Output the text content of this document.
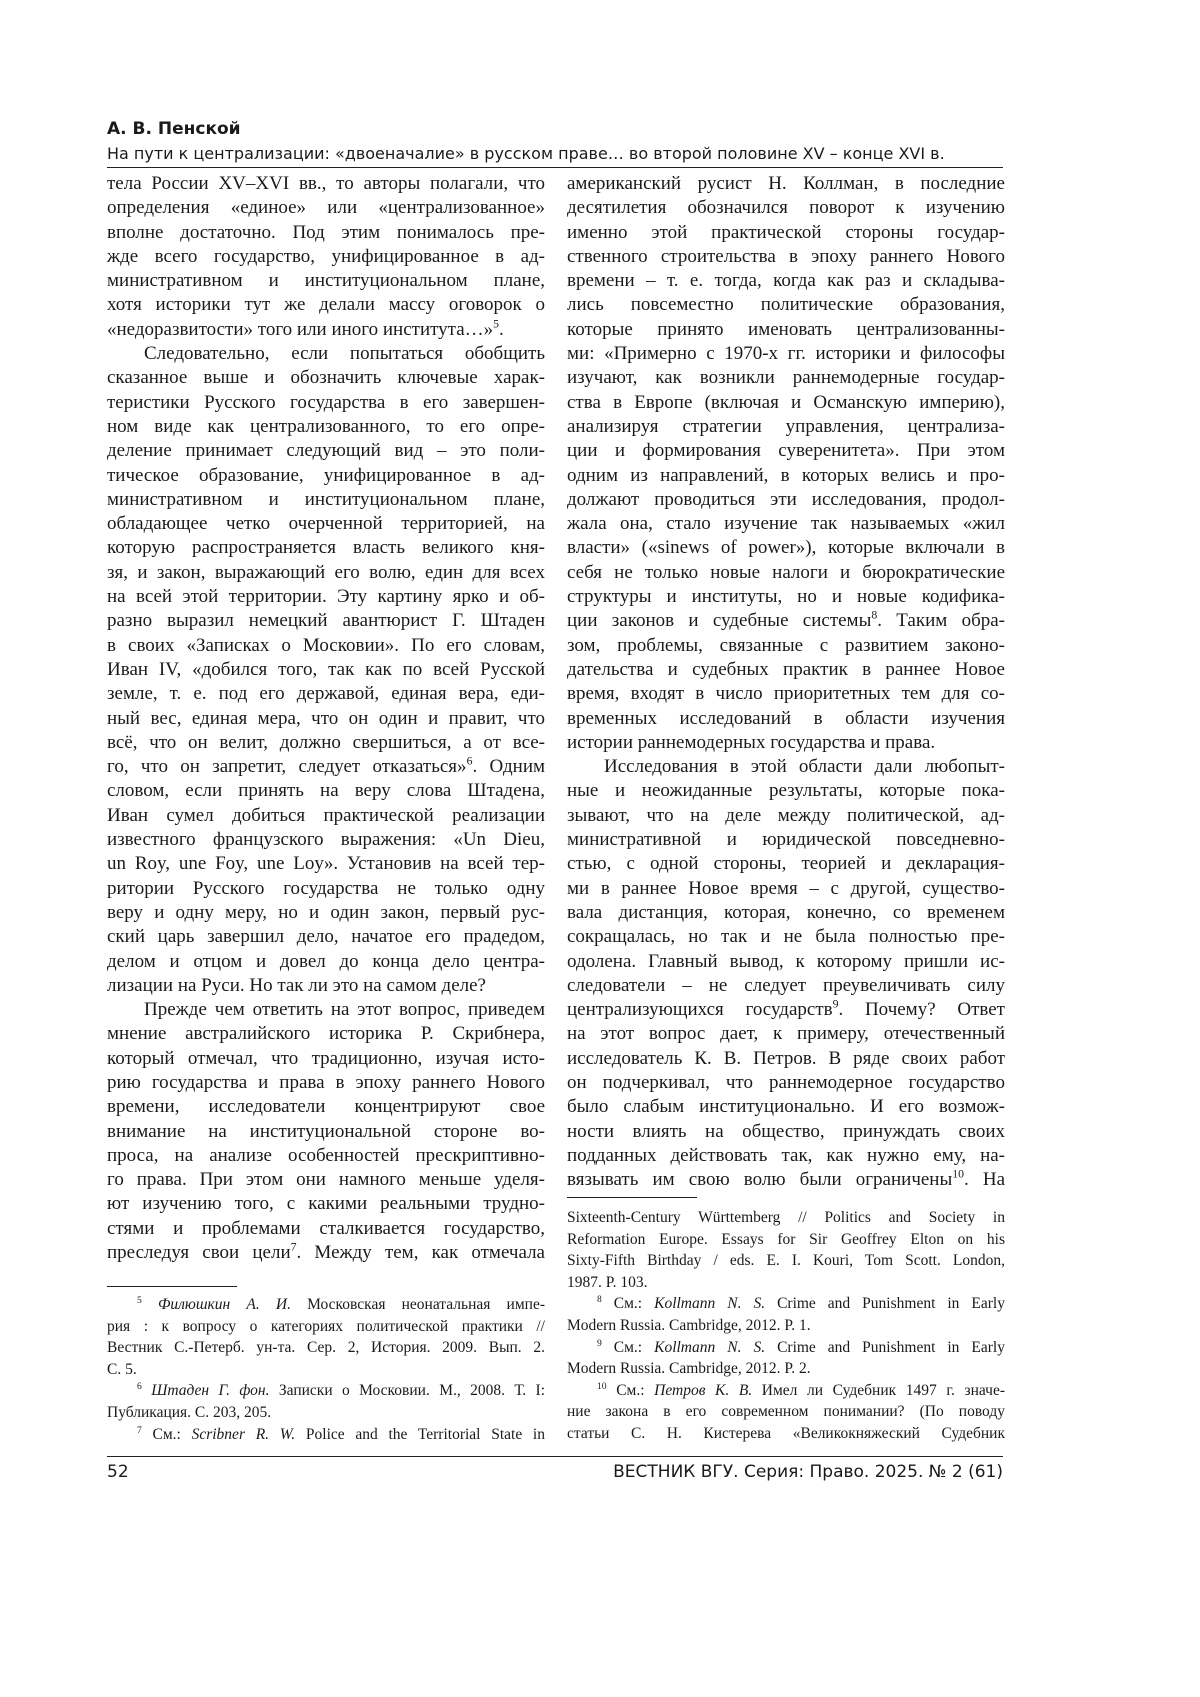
А. В. Пенской
На пути к централизации: «двоеначалие» в русском праве… во второй половине XV – конце XVI в.
тела России XV–XVI вв., то авторы полагали, что
определения «единое» или «централизованное»
вполне достаточно. Под этим понималось пре-
жде всего государство, унифицированное в ад-
министративном и институциональном плане,
хотя историки тут же делали массу оговорок о
«недоразвитости» того или иного института…»5.
Следовательно, если попытаться обобщить
сказанное выше и обозначить ключевые харак-
теристики Русского государства в его завершен-
ном виде как централизованного, то его опре-
деление принимает следующий вид – это поли-
тическое образование, унифицированное в ад-
министративном и институциональном плане,
обладающее четко очерченной территорией, на
которую распространяется власть великого кня-
зя, и закон, выражающий его волю, един для всех
на всей этой территории. Эту картину ярко и об-
разно выразил немецкий авантюрист Г. Штаден
в своих «Записках о Московии». По его словам,
Иван IV, «добился того, так как по всей Русской
земле, т. е. под его державой, единая вера, еди-
ный вес, единая мера, что он один и правит, что
всё, что он велит, должно свершиться, а от все-
го, что он запретит, следует отказаться»6. Одним
словом, если принять на веру слова Штадена,
Иван сумел добиться практической реализации
известного французского выражения: «Un Dieu,
un Roy, une Foy, une Loy». Установив на всей тер-
ритории Русского государства не только одну
веру и одну меру, но и один закон, первый рус-
ский царь завершил дело, начатое его прадедом,
делом и отцом и довел до конца дело центра-
лизации на Руси. Но так ли это на самом деле?
Прежде чем ответить на этот вопрос, приведем
мнение австралийского историка Р. Скрибнера,
который отмечал, что традиционно, изучая исто-
рию государства и права в эпоху раннего Нового
времени, исследователи концентрируют свое
внимание на институциональной стороне во-
проса, на анализе особенностей прескриптивно-
го права. При этом они намного меньше уделя-
ют изучению того, с какими реальными трудно-
стями и проблемами сталкивается государство,
преследуя свои цели7. Между тем, как отмечала
американский русист Н. Коллман, в последние
десятилетия обозначился поворот к изучению
именно этой практической стороны государ-
ственного строительства в эпоху раннего Нового
времени – т. е. тогда, когда как раз и складыва-
лись повсеместно политические образования,
которые принято именовать централизованны-
ми: «Примерно с 1970-х гг. историки и философы
изучают, как возникли раннемодерные государ-
ства в Европе (включая и Османскую империю),
анализируя стратегии управления, централиза-
ции и формирования суверенитета». При этом
одним из направлений, в которых велись и про-
должают проводиться эти исследования, продол-
жала она, стало изучение так называемых «жил
власти» («sinews of power»), которые включали в
себя не только новые налоги и бюрократические
структуры и институты, но и новые кодифика-
ции законов и судебные системы8. Таким обра-
зом, проблемы, связанные с развитием законо-
дательства и судебных практик в раннее Новое
время, входят в число приоритетных тем для со-
временных исследований в области изучения
истории раннемодерных государства и права.
Исследования в этой области дали любопыт-
ные и неожиданные результаты, которые пока-
зывают, что на деле между политической, ад-
министративной и юридической повседневно-
стью, с одной стороны, теорией и декларация-
ми в раннее Новое время – с другой, существо-
вала дистанция, которая, конечно, со временем
сокращалась, но так и не была полностью пре-
одолена. Главный вывод, к которому пришли ис-
следователи – не следует преувеличивать силу
централизующихся государств9. Почему? Ответ
на этот вопрос дает, к примеру, отечественный
исследователь К. В. Петров. В ряде своих работ
он подчеркивал, что раннемодерное государство
было слабым институционально. И его возмож-
ности влиять на общество, принуждать своих
подданных действовать так, как нужно ему, на-
вязывать им свою волю были ограничены10. На
5 Филюшкин А. И. Московская неонатальная импе-
рия : к вопросу о категориях политической практики //
Вестник С.-Петерб. ун-та. Сер. 2, История. 2009. Вып. 2.
С. 5.
6 Штаден Г. фон. Записки о Московии. М., 2008. Т. I:
Публикация. С. 203, 205.
7 См.: Scribner R. W. Police and the Territorial State in
Sixteenth-Century Württemberg // Politics and Society in
Reformation Europe. Essays for Sir Geoffrey Elton on his
Sixty-Fifth Birthday / eds. E. I. Kouri, Tom Scott. London,
1987. P. 103.
8 См.: Kollmann N. S. Crime and Punishment in Early
Modern Russia. Cambridge, 2012. P. 1.
9 См.: Kollmann N. S. Crime and Punishment in Early
Modern Russia. Cambridge, 2012. P. 2.
10 См.: Петров К. В. Имел ли Судебник 1497 г. значе-
ние закона в его современном понимании? (По поводу
статьи С. Н. Кистерева «Великокняжеский Судебник
52	ВЕСТНИК ВГУ. Серия: Право. 2025. № 2 (61)
